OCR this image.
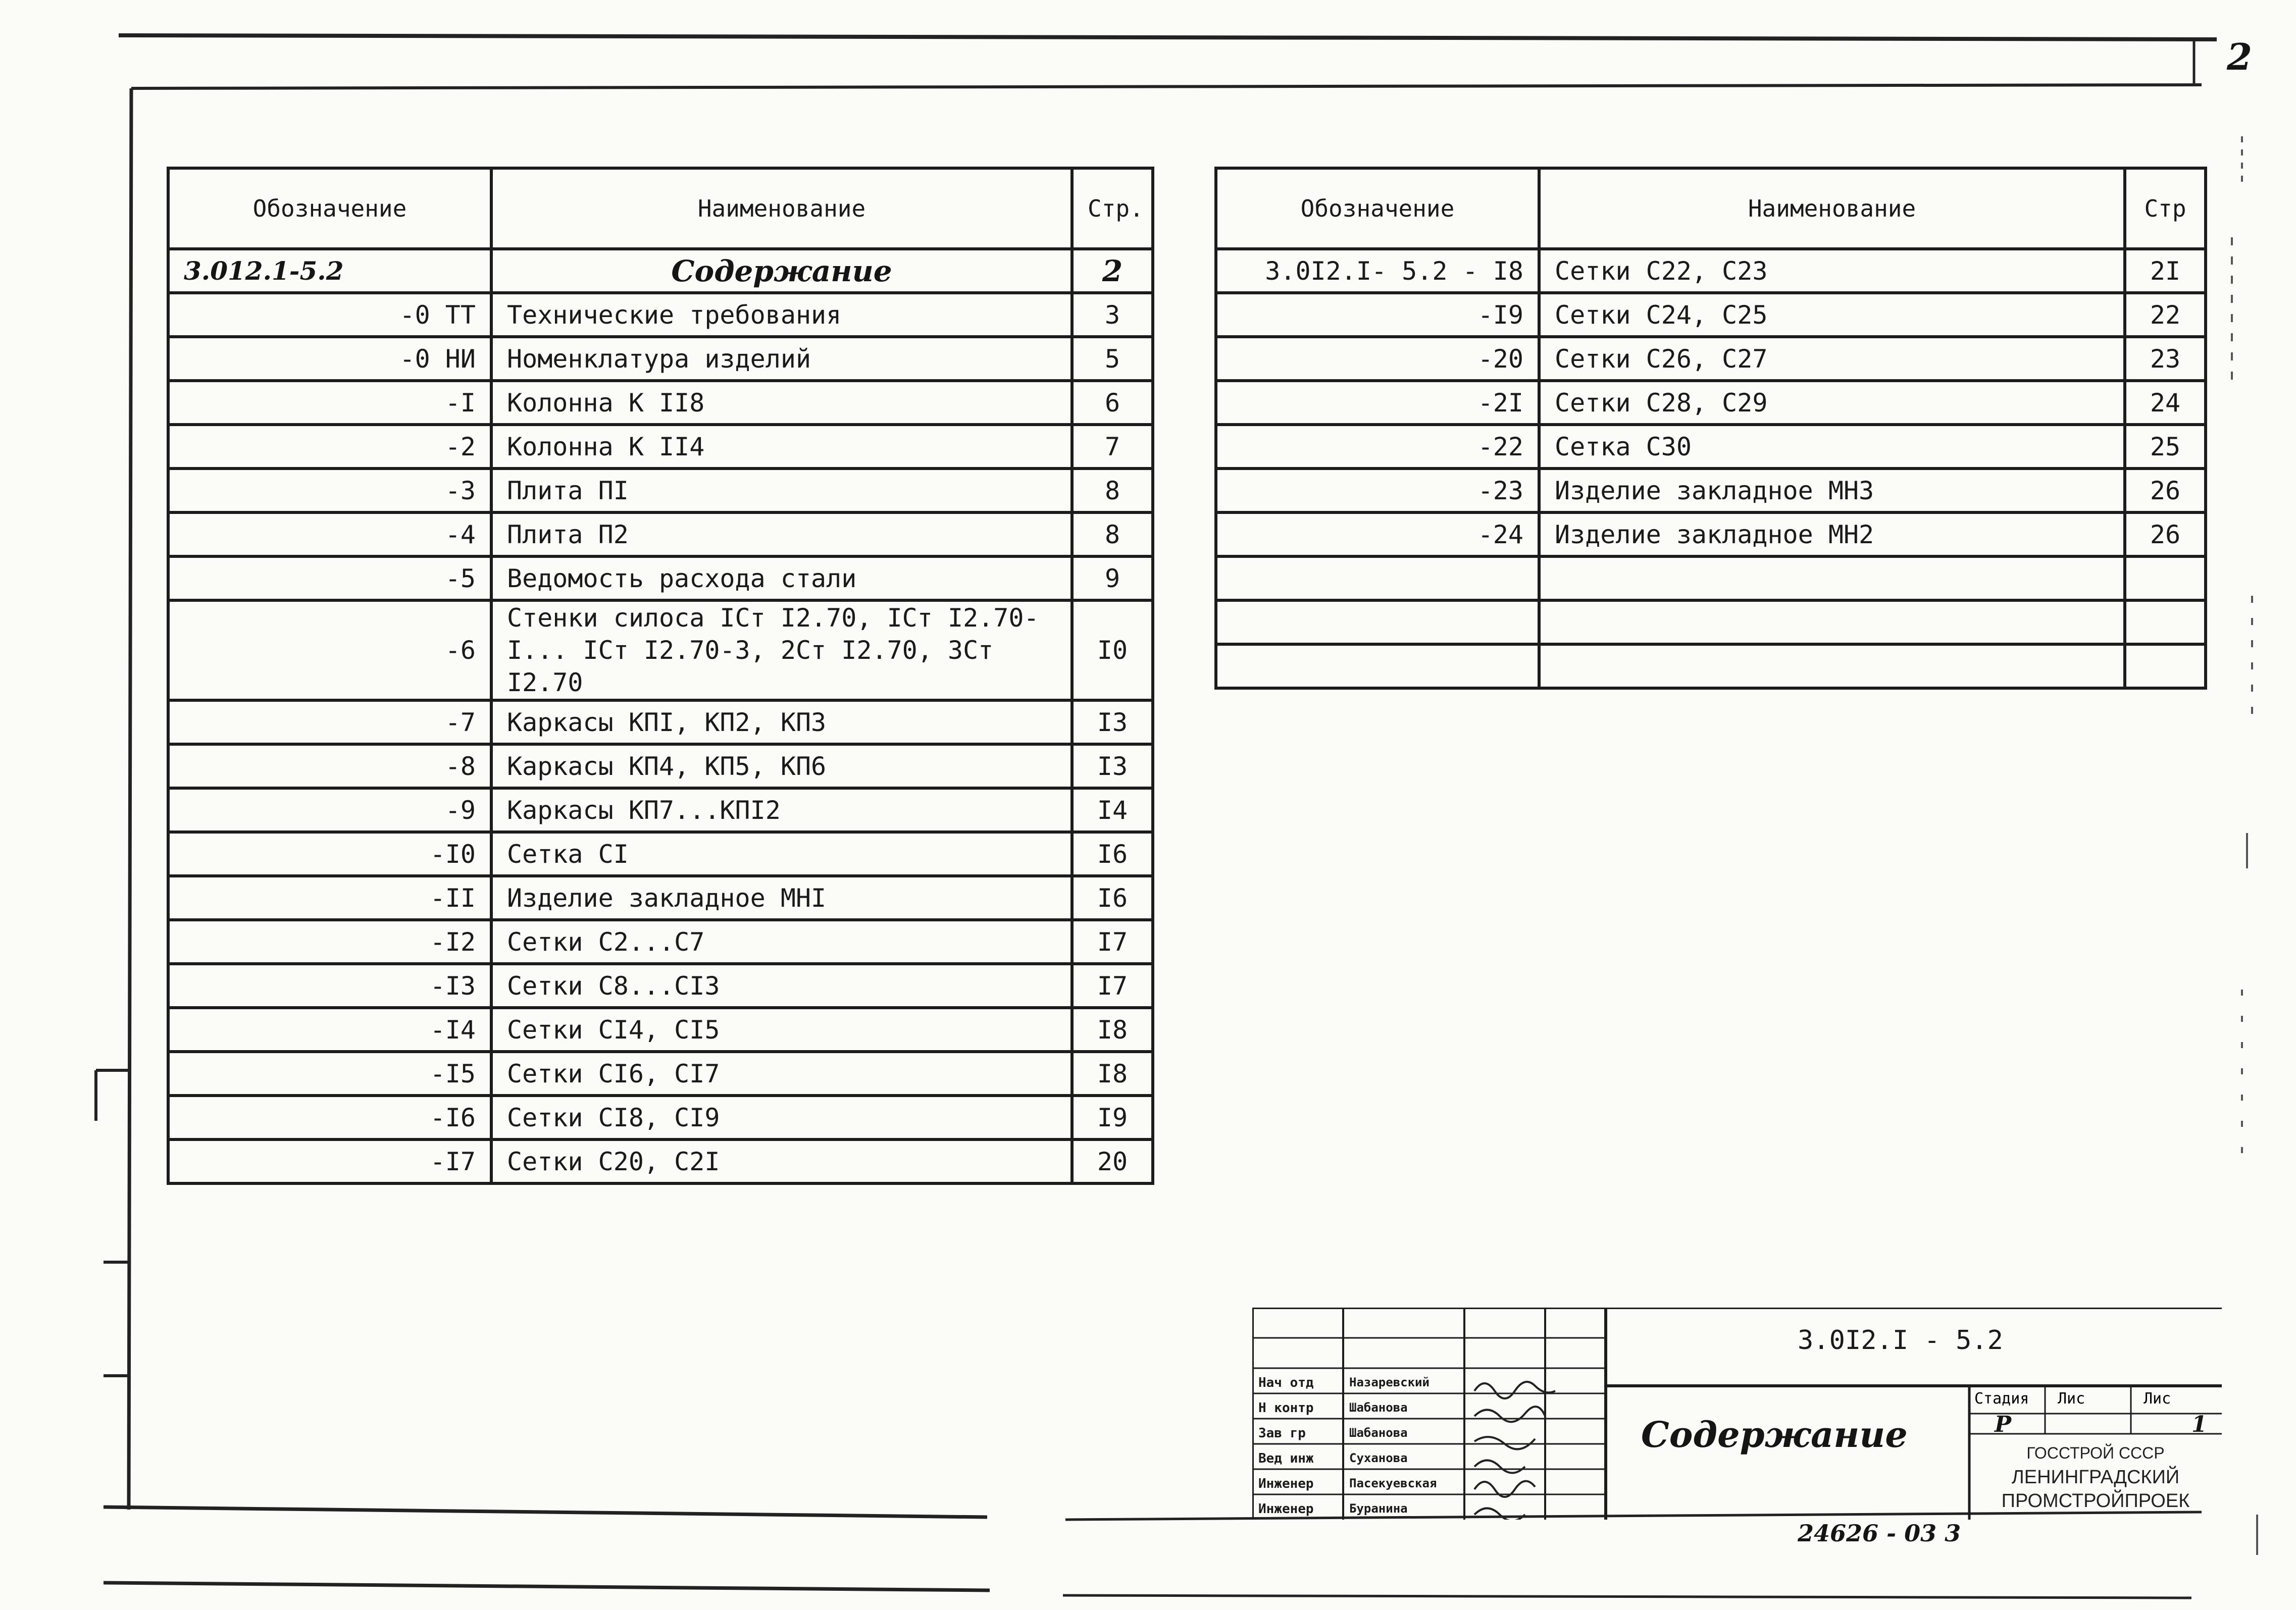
2
Обозначение	Наименование	Стр.
3.012.1-5.2	Содержание	2
-0 ТТ	Технические требования	3
-0 НИ	Номенклатура изделий	5
-I	Колонна К II8	6
-2	Колонна К II4	7
-3	Плита ПI	8
-4	Плита П2	8
-5	Ведомость расхода стали	9
-6	Стенки силоса IСт I2.70, IСт I2.70-I... IСт I2.70-3, 2Ст I2.70, 3Ст I2.70	I0
-7	Каркасы КПI, КП2, КП3	I3
-8	Каркасы КП4, КП5, КП6	I3
-9	Каркасы КП7...КПI2	I4
-I0	Сетка СI	I6
-II	Изделие закладное МНI	I6
-I2	Сетки С2...С7	I7
-I3	Сетки С8...СI3	I7
-I4	Сетки СI4, СI5	I8
-I5	Сетки СI6, СI7	I8
-I6	Сетки СI8, СI9	I9
-I7	Сетки С20, С2I	20
Обозначение	Наименование	Стр
3.0I2.I- 5.2 - I8	Сетки С22, С23	2I
-I9	Сетки С24, С25	22
-20	Сетки С26, С27	23
-2I	Сетки С28, С29	24
-22	Сетка С30	25
-23	Изделие закладное МН3	26
-24	Изделие закладное МН2	26

Нач отд	Назаревский
Н контр	Шабанова
Зав гр	Шабанова
Вед инж	Суханова
Инженер	Пасекуевская
Инженер	Буранина
3.0I2.I - 5.2
Содержание
Стадия Лис	Лис
Р	1
ГОССТРОЙ СССР
ЛЕНИНГРАДСКИЙ
ПРОМСТРОЙПРОЕК
24626 - 03 3
